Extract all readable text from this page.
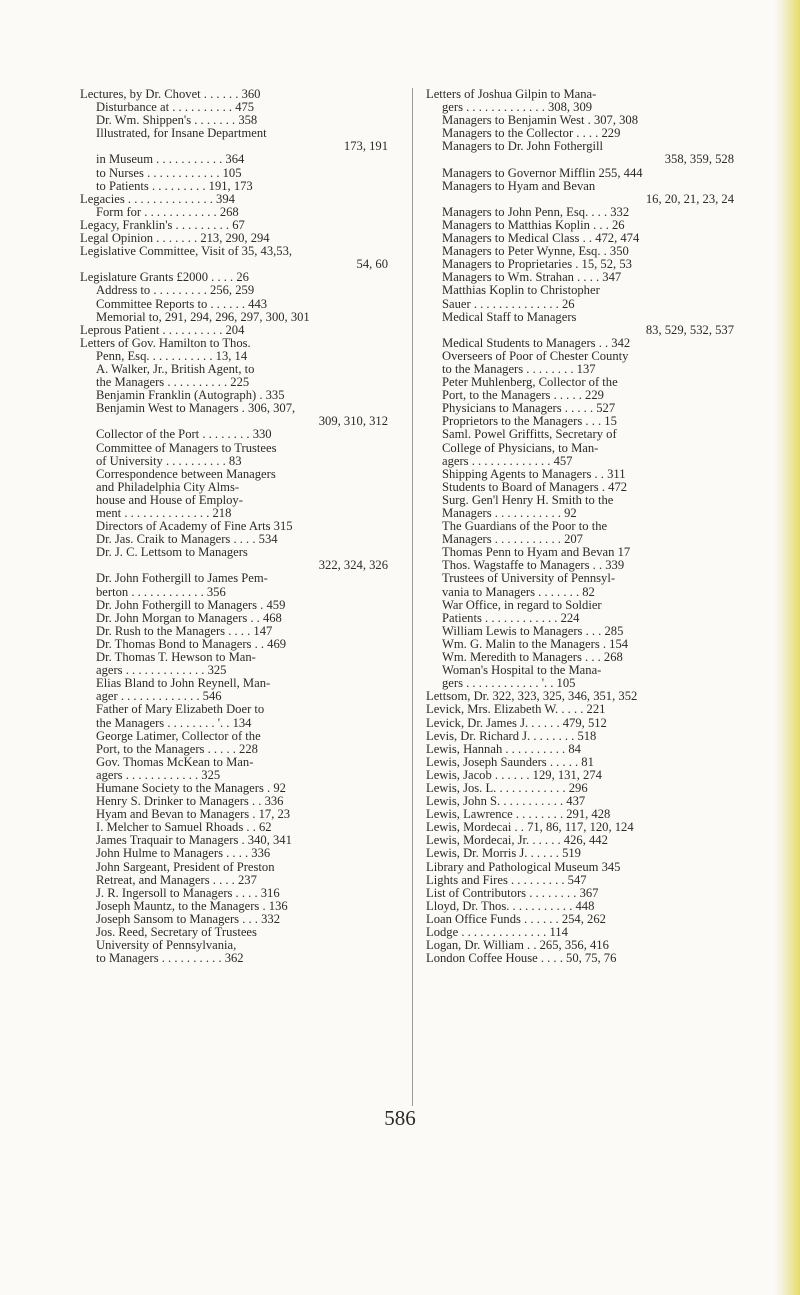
Lectures, by Dr. Chovet . . . . . . 360
Disturbance at . . . . . . . . . . 475
Dr. Wm. Shippen's . . . . . . . 358
Illustrated, for Insane Department
173, 191
in Museum . . . . . . . . . . . 364
to Nurses . . . . . . . . . . . . 105
to Patients . . . . . . . . . 191, 173
Legacies . . . . . . . . . . . . . . 394
Form for . . . . . . . . . . . . 268
Legacy, Franklin's . . . . . . . . . 67
Legal Opinion . . . . . . . 213, 290, 294
Legislative Committee, Visit of 35, 43,53,
54, 60
Legislature Grants £2000 . . . . 26
Address to . . . . . . . . . 256, 259
Committee Reports to . . . . . . 443
Memorial to, 291, 294, 296, 297, 300, 301
Leprous Patient . . . . . . . . . . 204
Letters of Gov. Hamilton to Thos.
Penn, Esq. . . . . . . . . . . 13, 14
A. Walker, Jr., British Agent, to
the Managers . . . . . . . . . . 225
Benjamin Franklin (Autograph) . 335
Benjamin West to Managers . 306, 307,
309, 310, 312
Collector of the Port . . . . . . . . 330
Committee of Managers to Trustees
of University . . . . . . . . . . 83
Correspondence between Managers
and Philadelphia City Alms-
house and House of Employ-
ment . . . . . . . . . . . . . . 218
Directors of Academy of Fine Arts 315
Dr. Jas. Craik to Managers . . . . 534
Dr. J. C. Lettsom to Managers
322, 324, 326
Dr. John Fothergill to James Pem-
berton . . . . . . . . . . . . 356
Dr. John Fothergill to Managers . 459
Dr. John Morgan to Managers . . 468
Dr. Rush to the Managers . . . . 147
Dr. Thomas Bond to Managers . . 469
Dr. Thomas T. Hewson to Man-
agers . . . . . . . . . . . . . 325
Elias Bland to John Reynell, Man-
ager . . . . . . . . . . . . . 546
Father of Mary Elizabeth Doer to
the Managers . . . . . . . . '. . 134
George Latimer, Collector of the
Port, to the Managers . . . . . 228
Gov. Thomas McKean to Man-
agers . . . . . . . . . . . . 325
Humane Society to the Managers . 92
Henry S. Drinker to Managers . . 336
Hyam and Bevan to Managers . 17, 23
I. Melcher to Samuel Rhoads . . 62
James Traquair to Managers . 340, 341
John Hulme to Managers . . . . 336
John Sargeant, President of Preston
Retreat, and Managers . . . . 237
J. R. Ingersoll to Managers . . . . 316
Joseph Mauntz, to the Managers . 136
Joseph Sansom to Managers . . . 332
Jos. Reed, Secretary of Trustees
University of Pennsylvania,
to Managers . . . . . . . . . . 362
Letters of Joshua Gilpin to Mana-
gers . . . . . . . . . . . . . 308, 309
Managers to Benjamin West . 307, 308
Managers to the Collector . . . . 229
Managers to Dr. John Fothergill
358, 359, 528
Managers to Governor Mifflin 255, 444
Managers to Hyam and Bevan
16, 20, 21, 23, 24
Managers to John Penn, Esq. . . . 332
Managers to Matthias Koplin . . . 26
Managers to Medical Class . . 472, 474
Managers to Peter Wynne, Esq. . 350
Managers to Proprietaries . 15, 52, 53
Managers to Wm. Strahan . . . . 347
Matthias Koplin to Christopher
Sauer . . . . . . . . . . . . . . 26
Medical Staff to Managers
83, 529, 532, 537
Medical Students to Managers . . 342
Overseers of Poor of Chester County
to the Managers . . . . . . . . 137
Peter Muhlenberg, Collector of the
Port, to the Managers . . . . . 229
Physicians to Managers . . . . . 527
Proprietors to the Managers . . . 15
Saml. Powel Griffitts, Secretary of
College of Physicians, to Man-
agers . . . . . . . . . . . . . 457
Shipping Agents to Managers . . 311
Students to Board of Managers . 472
Surg. Gen'l Henry H. Smith to the
Managers . . . . . . . . . . . 92
The Guardians of the Poor to the
Managers . . . . . . . . . . . 207
Thomas Penn to Hyam and Bevan 17
Thos. Wagstaffe to Managers . . 339
Trustees of University of Pennsyl-
vania to Managers . . . . . . . 82
War Office, in regard to Soldier
Patients . . . . . . . . . . . . 224
William Lewis to Managers . . . 285
Wm. G. Malin to the Managers . 154
Wm. Meredith to Managers . . . 268
Woman's Hospital to the Mana-
gers . . . . . . . . . . . . '. . 105
Lettsom, Dr. 322, 323, 325, 346, 351, 352
Levick, Mrs. Elizabeth W. . . . . 221
Levick, Dr. James J. . . . . . 479, 512
Levis, Dr. Richard J. . . . . . . . 518
Lewis, Hannah . . . . . . . . . . 84
Lewis, Joseph Saunders . . . . . 81
Lewis, Jacob . . . . . . 129, 131, 274
Lewis, Jos. L. . . . . . . . . . . . 296
Lewis, John S. . . . . . . . . . . 437
Lewis, Lawrence . . . . . . . . 291, 428
Lewis, Mordecai . . 71, 86, 117, 120, 124
Lewis, Mordecai, Jr. . . . . . 426, 442
Lewis, Dr. Morris J. . . . . . 519
Library and Pathological Museum 345
Lights and Fires . . . . . . . . . 547
List of Contributors . . . . . . . . 367
Lloyd, Dr. Thos. . . . . . . . . . . 448
Loan Office Funds . . . . . . 254, 262
Lodge . . . . . . . . . . . . . . 114
Logan, Dr. William . . 265, 356, 416
London Coffee House . . . . 50, 75, 76
586
